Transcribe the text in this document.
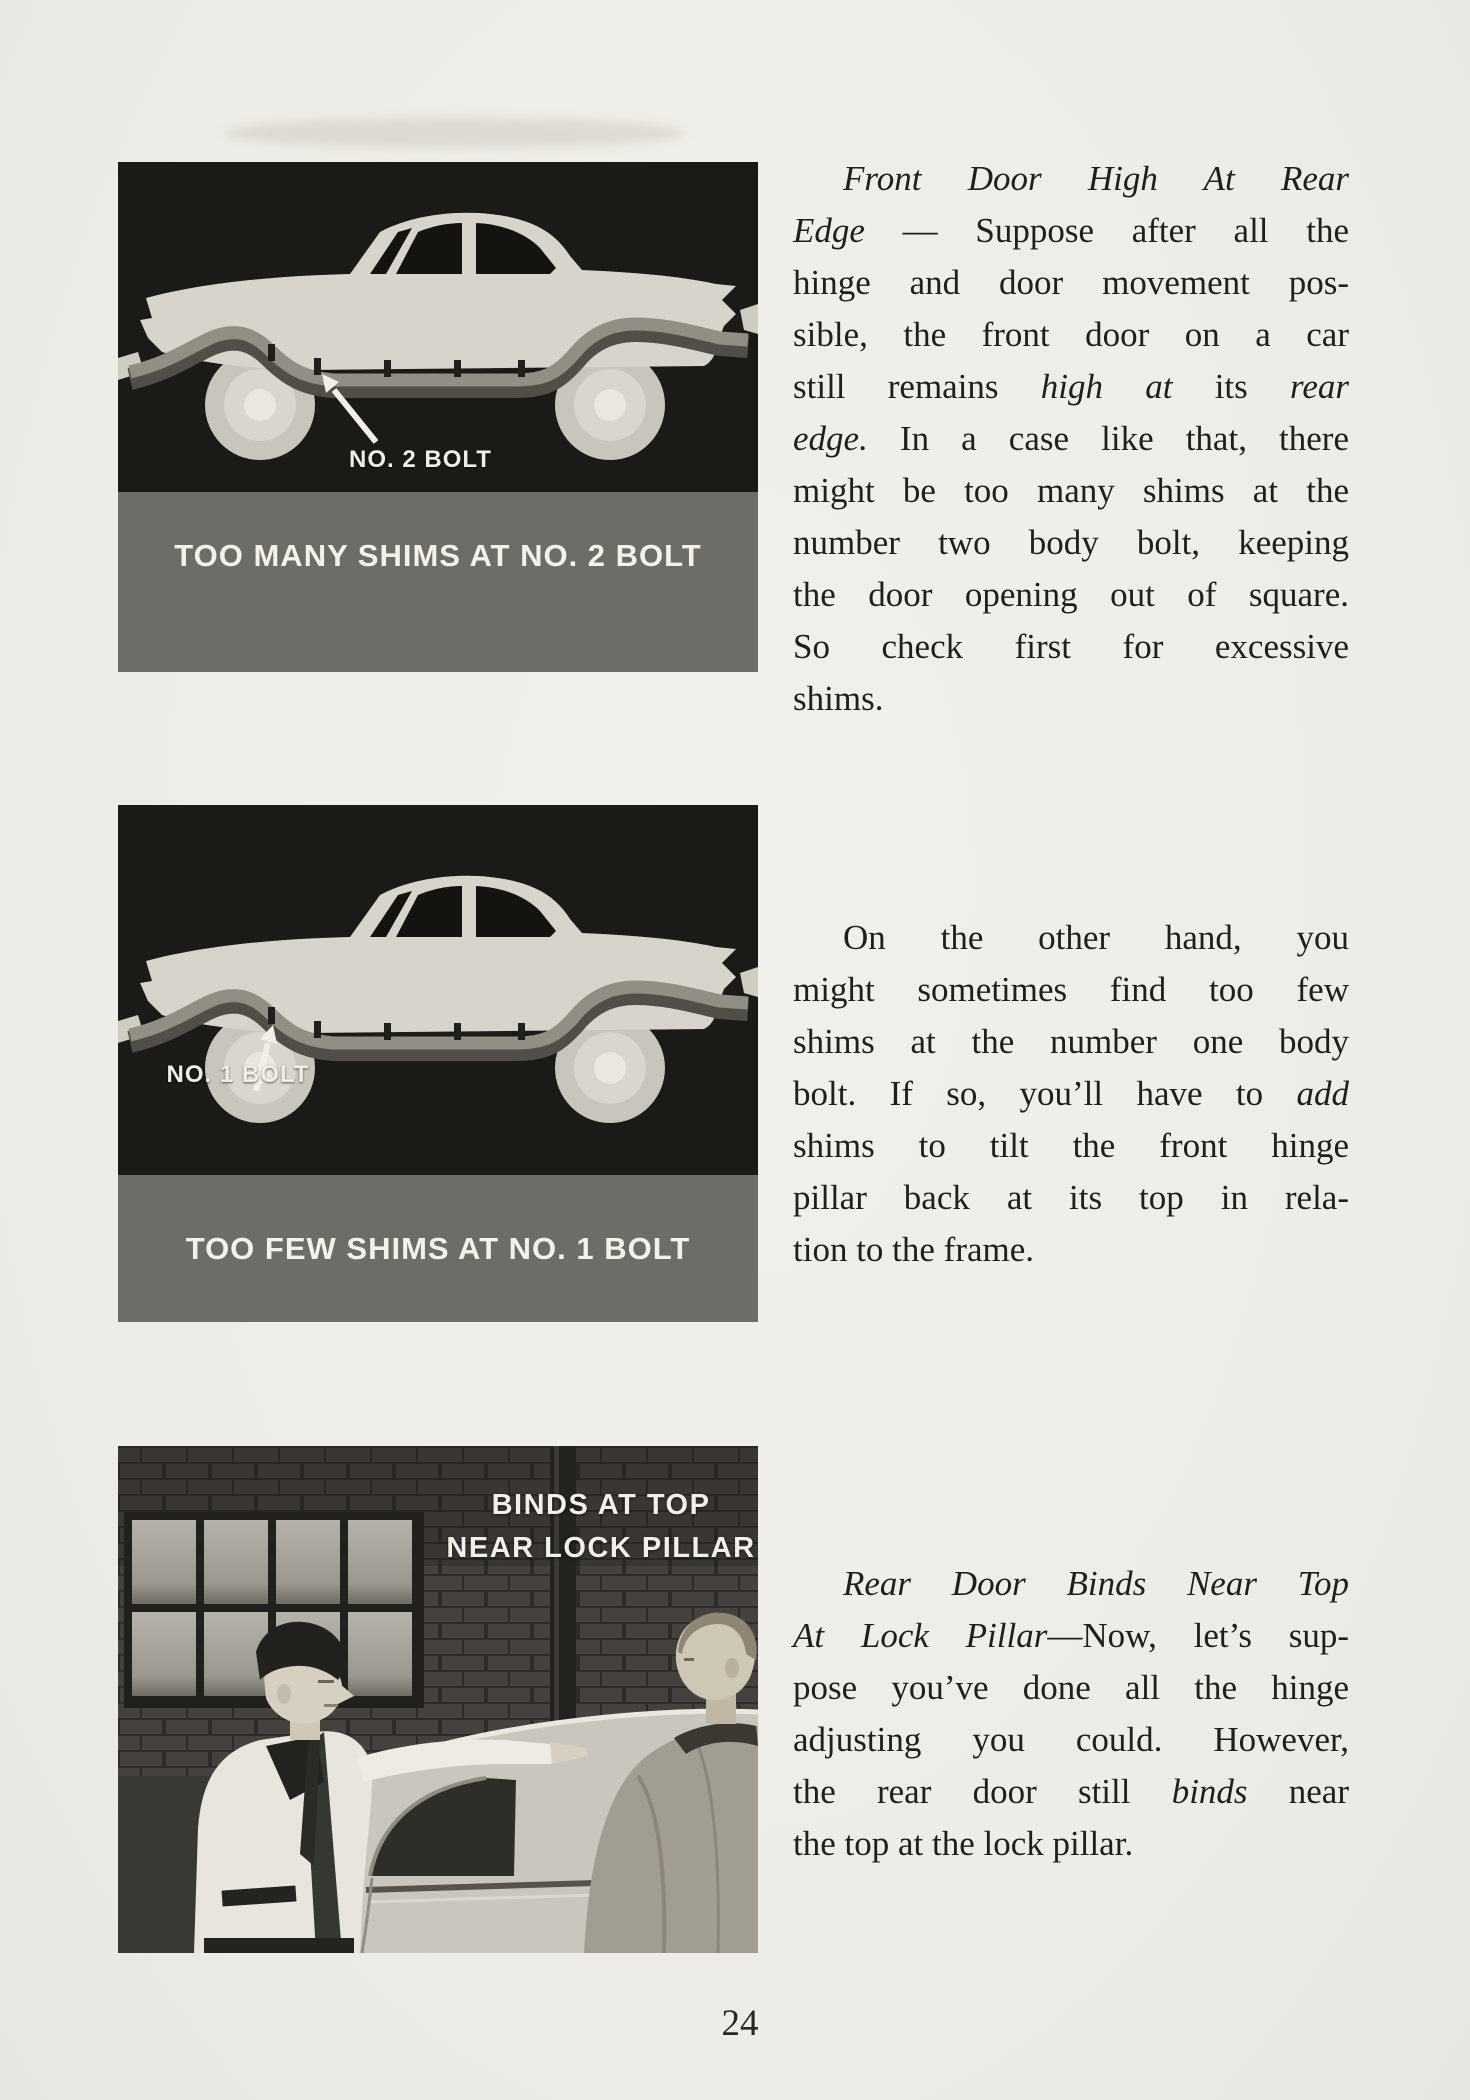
NO. 2 BOLT
TOO MANY SHIMS AT NO. 2 BOLT
Front Door High At Rear
Edge — Suppose after all the
hinge and door movement pos-
sible, the front door on a car
still remains high at its rear
edge. In a case like that, there
might be too many shims at the
number two body bolt, keeping
the door opening out of square.
So check first for excessive
shims.
NO. 1 BOLT
TOO FEW SHIMS AT NO. 1 BOLT
On the other hand, you
might sometimes find too few
shims at the number one body
bolt. If so, you’ll have to add
shims to tilt the front hinge
pillar back at its top in rela-
tion to the frame.
BINDS AT TOP
NEAR LOCK PILLAR
Rear Door Binds Near Top
At Lock Pillar—Now, let’s sup-
pose you’ve done all the hinge
adjusting you could. However,
the rear door still binds near
the top at the lock pillar.
24
